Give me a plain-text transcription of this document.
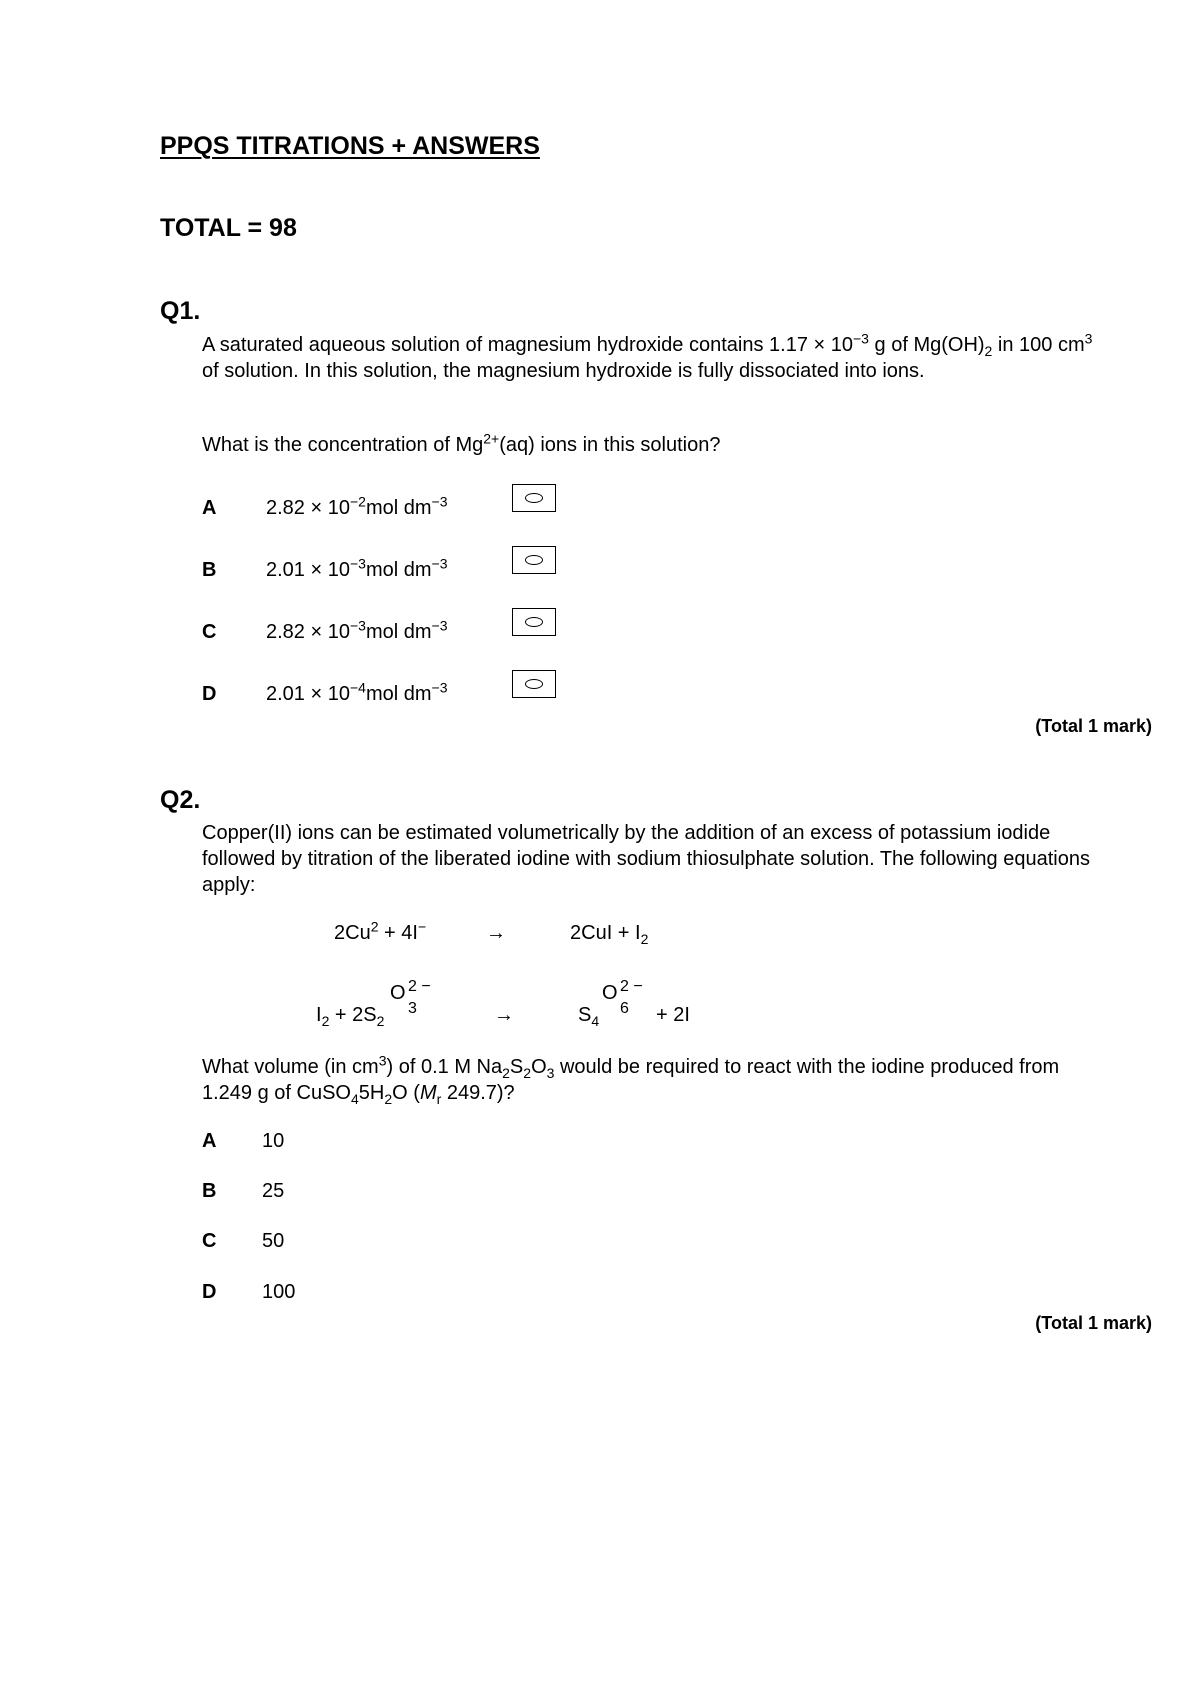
PPQS TITRATIONS + ANSWERS
TOTAL = 98
Q1.
A saturated aqueous solution of magnesium hydroxide contains $1.17 \times 10^{-3}$ g of $Mg(OH)_2$ in 100 $cm^3$ of solution. In this solution, the magnesium hydroxide is fully dissociated into ions.
What is the concentration of $Mg^{2+}(aq)$ ions in this solution?
A $2.82 \times 10^{-2}mol$ $dm^{-3}$
B $2.01 \times 10^{-3}mol$ $dm^{-3}$
C $2.82 \times 10^{-3}mol$ $dm^{-3}$
D $2.01 \times 10^{-4}mol$ $dm^{-3}$
(Total 1 mark)
Q2.
Copper(II) ions can be estimated volumetrically by the addition of an excess of potassium iodide followed by titration of the liberated iodine with sodium thiosulphate solution. The following equations apply:
$2Cu^2 + 4I^-$	→	$2CuI + I_2$
$I_2 + 2S_2$
O 2 −
3	→	$S_4$
O 2 −
6 + 2I
What volume (in $cm^3$) of 0.1 M $Na_2S_2O_3$ would be required to react with the iodine produced from 1.249 g of $CuSO_45H_2O$ ($M_r$ 249.7)?
A 10
B 25
C 50
D 100
(Total 1 mark)
